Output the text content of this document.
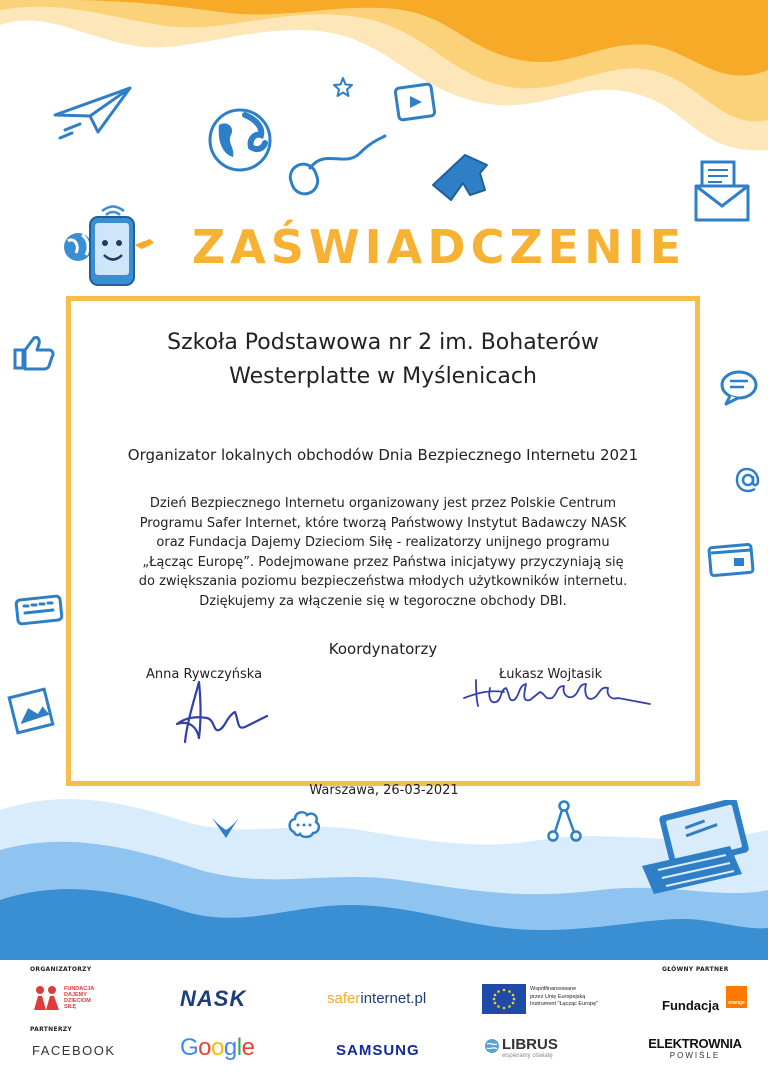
ZAŚWIADCZENIE
Szkoła Podstawowa nr 2 im. Bohaterów
Westerplatte w Myślenicach
Organizator lokalnych obchodów Dnia Bezpiecznego Internetu 2021
Dzień Bezpiecznego Internetu organizowany jest przez Polskie Centrum
Programu Safer Internet, które tworzą Państwowy Instytut Badawczy NASK
oraz Fundacja Dajemy Dzieciom Siłę - realizatorzy unijnego programu
„Łącząc Europę”. Podejmowane przez Państwa inicjatywy przyczyniają się
do zwiększania poziomu bezpieczeństwa młodych użytkowników internetu.
Dziękujemy za włączenie się w tegoroczne obchody DBI.
Koordynatorzy
Anna Rywczyńska	Łukasz Wojtasik
Warszawa, 26-03-2021
ORGANIZATORZY
PARTNERZY
GŁÓWNY PARTNER
FUNDACJA
DAJEMY
DZIECIOM
SIŁĘ	NASK	saferinternet.pl
Współfinansowane
przez Unię Europejską
Instrument "Łącząc Europę"	$_{Fundacja}$ orange
FACEBOOK	Google	SAMSUNG	LIBRUS
wspieramy oświatę
ELEKTROWNIA
POWIŚLE
